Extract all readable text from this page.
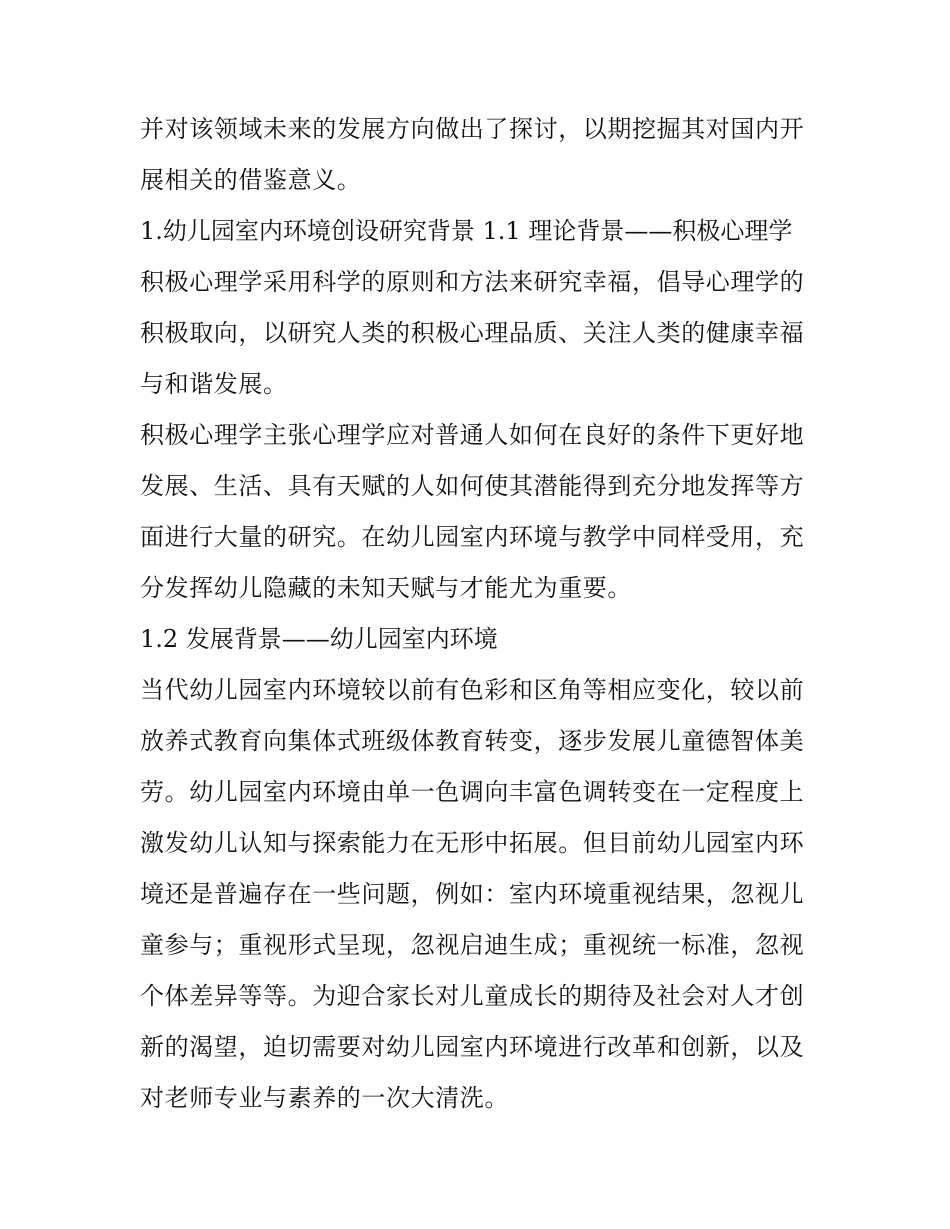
并对该领域未来的发展方向做出了探讨，以期挖掘其对国内开
展相关的借鉴意义。
1.幼儿园室内环境创设研究背景 1.1 理论背景——积极心理学
积极心理学采用科学的原则和方法来研究幸福，倡导心理学的
积极取向，以研究人类的积极心理品质、关注人类的健康幸福
与和谐发展。
积极心理学主张心理学应对普通人如何在良好的条件下更好地
发展、生活、具有天赋的人如何使其潜能得到充分地发挥等方
面进行大量的研究。在幼儿园室内环境与教学中同样受用，充
分发挥幼儿隐藏的未知天赋与才能尤为重要。
1.2 发展背景——幼儿园室内环境
当代幼儿园室内环境较以前有色彩和区角等相应变化，较以前
放养式教育向集体式班级体教育转变，逐步发展儿童德智体美
劳。幼儿园室内环境由单一色调向丰富色调转变在一定程度上
激发幼儿认知与探索能力在无形中拓展。但目前幼儿园室内环
境还是普遍存在一些问题，例如：室内环境重视结果，忽视儿
童参与；重视形式呈现，忽视启迪生成；重视统一标准，忽视
个体差异等等。为迎合家长对儿童成长的期待及社会对人才创
新的渴望，迫切需要对幼儿园室内环境进行改革和创新，以及
对老师专业与素养的一次大清洗。
